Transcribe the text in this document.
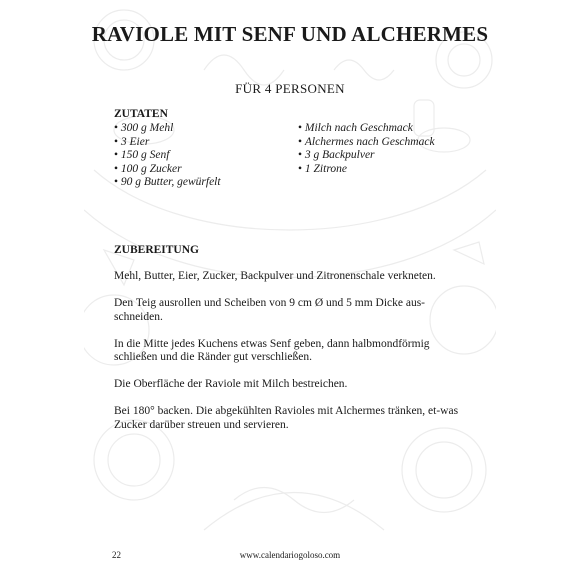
RAVIOLE MIT SENF UND ALCHERMES
FÜR 4 PERSONEN
ZUTATEN
• 300 g Mehl
• 3 Eier
• 150 g Senf
• 100 g Zucker
• 90 g Butter, gewürfelt
• Milch nach Geschmack
• Alchermes nach Geschmack
• 3 g Backpulver
• 1 Zitrone
ZUBEREITUNG

Mehl, Butter, Eier, Zucker, Backpulver und Zitronenschale verkneten.

Den Teig ausrollen und Scheiben von 9 cm Ø und 5 mm Dicke aus-schneiden.

In die Mitte jedes Kuchens etwas Senf geben, dann halbmondförmig schließen und die Ränder gut verschließen.

Die Oberfläche der Raviole mit Milch bestreichen.

Bei 180° backen. Die abgekühlten Ravioles mit Alchermes tränken, et-was Zucker darüber streuen und servieren.

22	www.calendariogoloso.com
